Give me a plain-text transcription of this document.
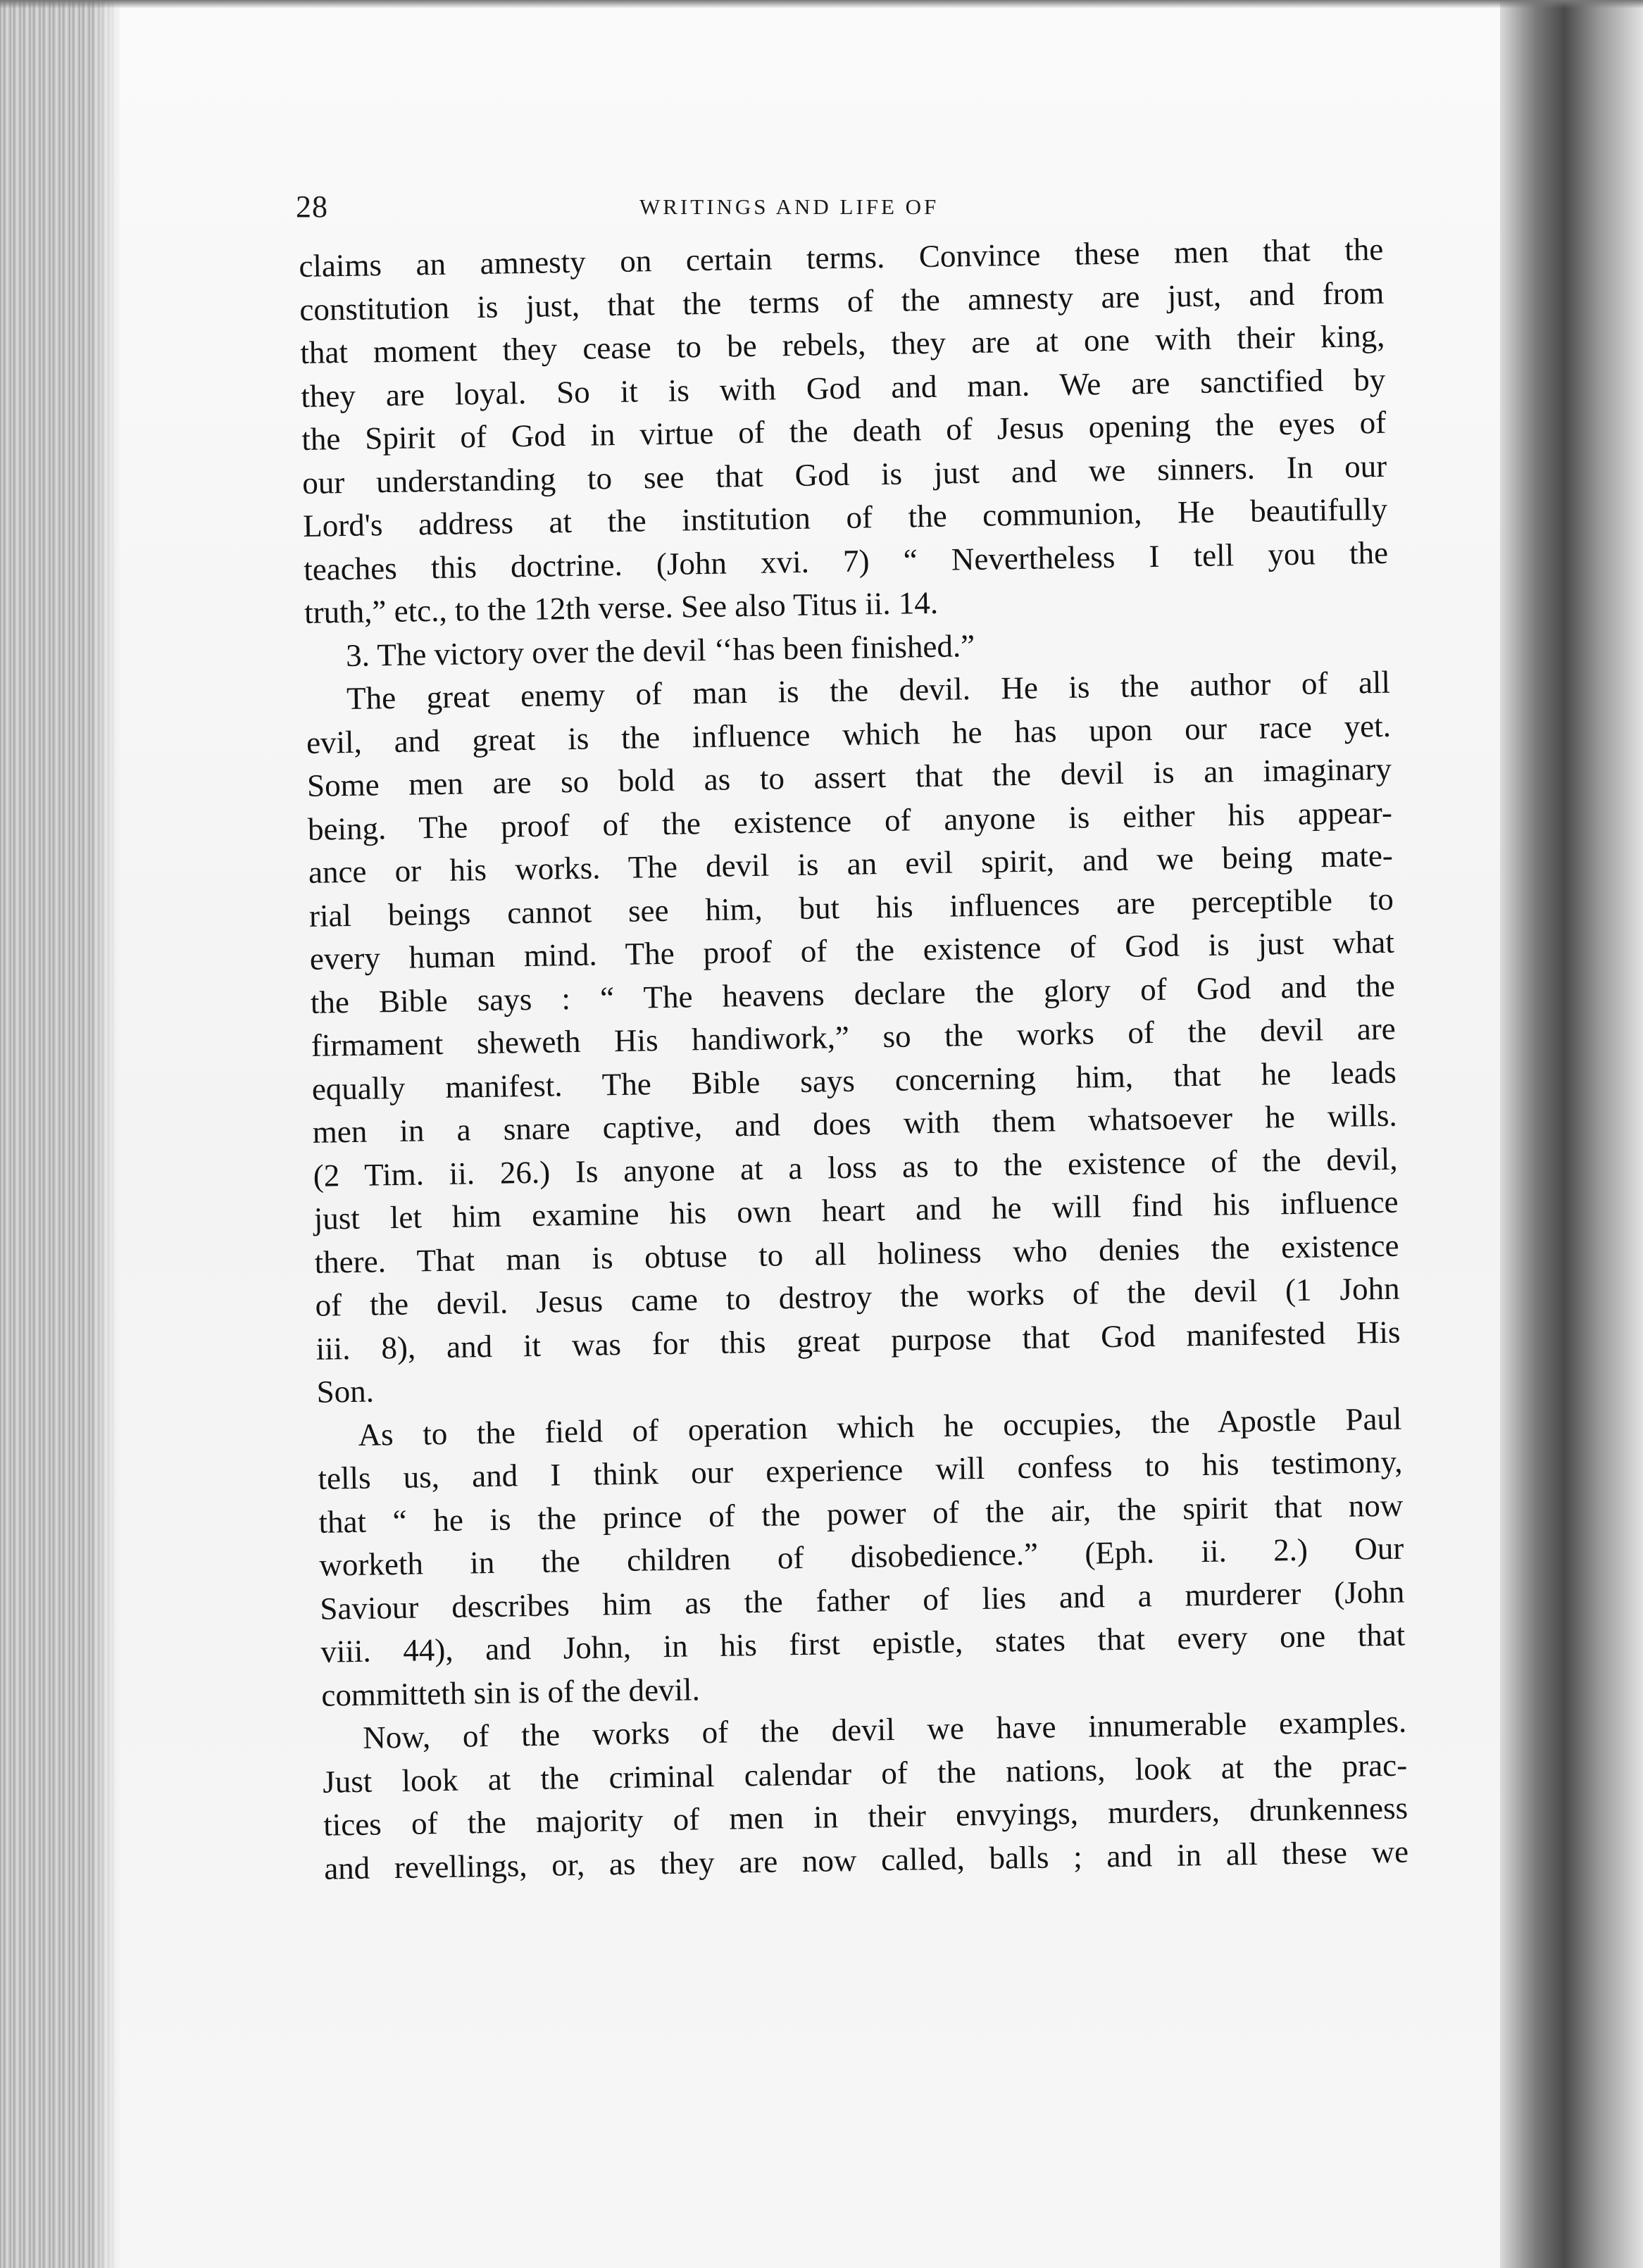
28	WRITINGS AND LIFE OF
claims an amnesty on certain terms. Convince these men that the
constitution is just, that the terms of the amnesty are just, and from
that moment they cease to be rebels, they are at one with their king,
they are loyal. So it is with God and man. We are sanctified by
the Spirit of God in virtue of the death of Jesus opening the eyes of
our understanding to see that God is just and we sinners. In our
Lord's address at the institution of the communion, He beautifully
teaches this doctrine. (John xvi. 7) “ Nevertheless I tell you the
truth,” etc., to the 12th verse. See also Titus ii. 14.
3. The victory over the devil ‘‘has been finished.”
The great enemy of man is the devil. He is the author of all
evil, and great is the influence which he has upon our race yet.
Some men are so bold as to assert that the devil is an imaginary
being. The proof of the existence of anyone is either his appear-
ance or his works. The devil is an evil spirit, and we being mate-
rial beings cannot see him, but his influences are perceptible to
every human mind. The proof of the existence of God is just what
the Bible says : “ The heavens declare the glory of God and the
firmament sheweth His handiwork,” so the works of the devil are
equally manifest. The Bible says concerning him, that he leads
men in a snare captive, and does with them whatsoever he wills.
(2 Tim. ii. 26.) Is anyone at a loss as to the existence of the devil,
just let him examine his own heart and he will find his influence
there. That man is obtuse to all holiness who denies the existence
of the devil. Jesus came to destroy the works of the devil (1 John
iii. 8), and it was for this great purpose that God manifested His
Son.
As to the field of operation which he occupies, the Apostle Paul
tells us, and I think our experience will confess to his testimony,
that “ he is the prince of the power of the air, the spirit that now
worketh in the children of disobedience.” (Eph. ii. 2.) Our
Saviour describes him as the father of lies and a murderer (John
viii. 44), and John, in his first epistle, states that every one that
committeth sin is of the devil.
Now, of the works of the devil we have innumerable examples.
Just look at the criminal calendar of the nations, look at the prac-
tices of the majority of men in their envyings, murders, drunkenness
and revellings, or, as they are now called, balls ; and in all these we
